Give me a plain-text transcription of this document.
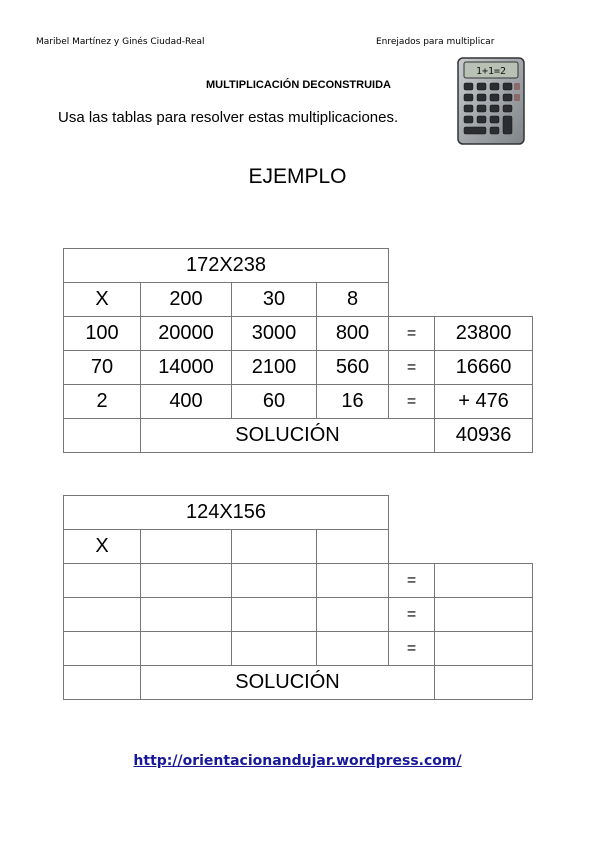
Maribel Martínez y Ginés Ciudad-Real	Enrejados para multiplicar
MULTIPLICACIÓN DECONSTRUIDA
Usa las tablas para resolver estas multiplicaciones.
1+1=2
EJEMPLO
172X238					
X	200	30	8		
100	20000	3000	800	=	23800
70	14000	2100	560	=	16660
2	400	60	16	=	+ 476
	SOLUCIÓN				40936
124X156					
X					
				=	
				=	
				=	
	SOLUCIÓN				
http://orientacionandujar.wordpress.com/
